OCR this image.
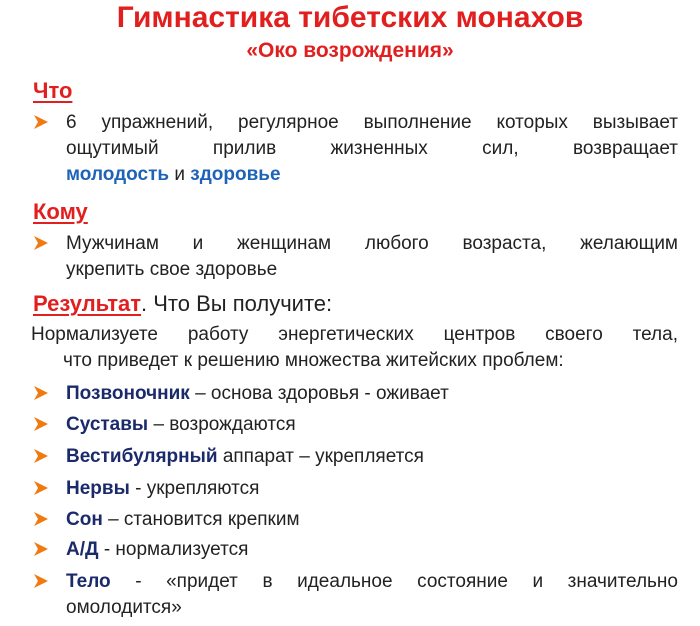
Гимнастика тибетских монахов
«Око возрождения»
Что
6 упражнений, регулярное выполнение которых вызывает
ощутимый прилив жизненных сил, возвращает
молодость и здоровье
Кому
Мужчинам и женщинам любого возраста, желающим
укрепить свое здоровье
Результат. Что Вы получите:
Нормализуете работу энергетических центров своего тела,
что приведет к решению множества житейских проблем:
Позвоночник – основа здоровья - оживает
Суставы – возрождаются
Вестибулярный аппарат – укрепляется
Нервы - укрепляются
Сон – становится крепким
А/Д - нормализуется
Тело - «придет в идеальное состояние и значительно
омолодится»
